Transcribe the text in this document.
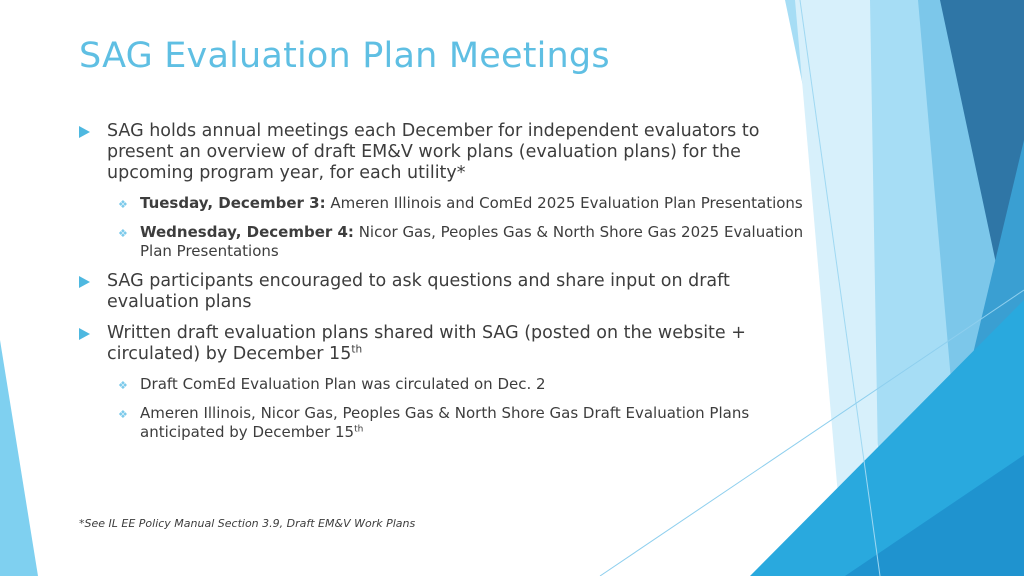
SAG Evaluation Plan Meetings
SAG holds annual meetings each December for independent evaluators to present an overview of draft EM&V work plans (evaluation plans) for the upcoming program year, for each utility*
❖ Tuesday, December 3: Ameren Illinois and ComEd 2025 Evaluation Plan Presentations
❖ Wednesday, December 4: Nicor Gas, Peoples Gas & North Shore Gas 2025 Evaluation Plan Presentations
SAG participants encouraged to ask questions and share input on draft evaluation plans
Written draft evaluation plans shared with SAG (posted on the website + circulated) by December 15th
❖ Draft ComEd Evaluation Plan was circulated on Dec. 2
❖ Ameren Illinois, Nicor Gas, Peoples Gas & North Shore Gas Draft Evaluation Plans anticipated by December 15th
*See IL EE Policy Manual Section 3.9, Draft EM&V Work Plans
